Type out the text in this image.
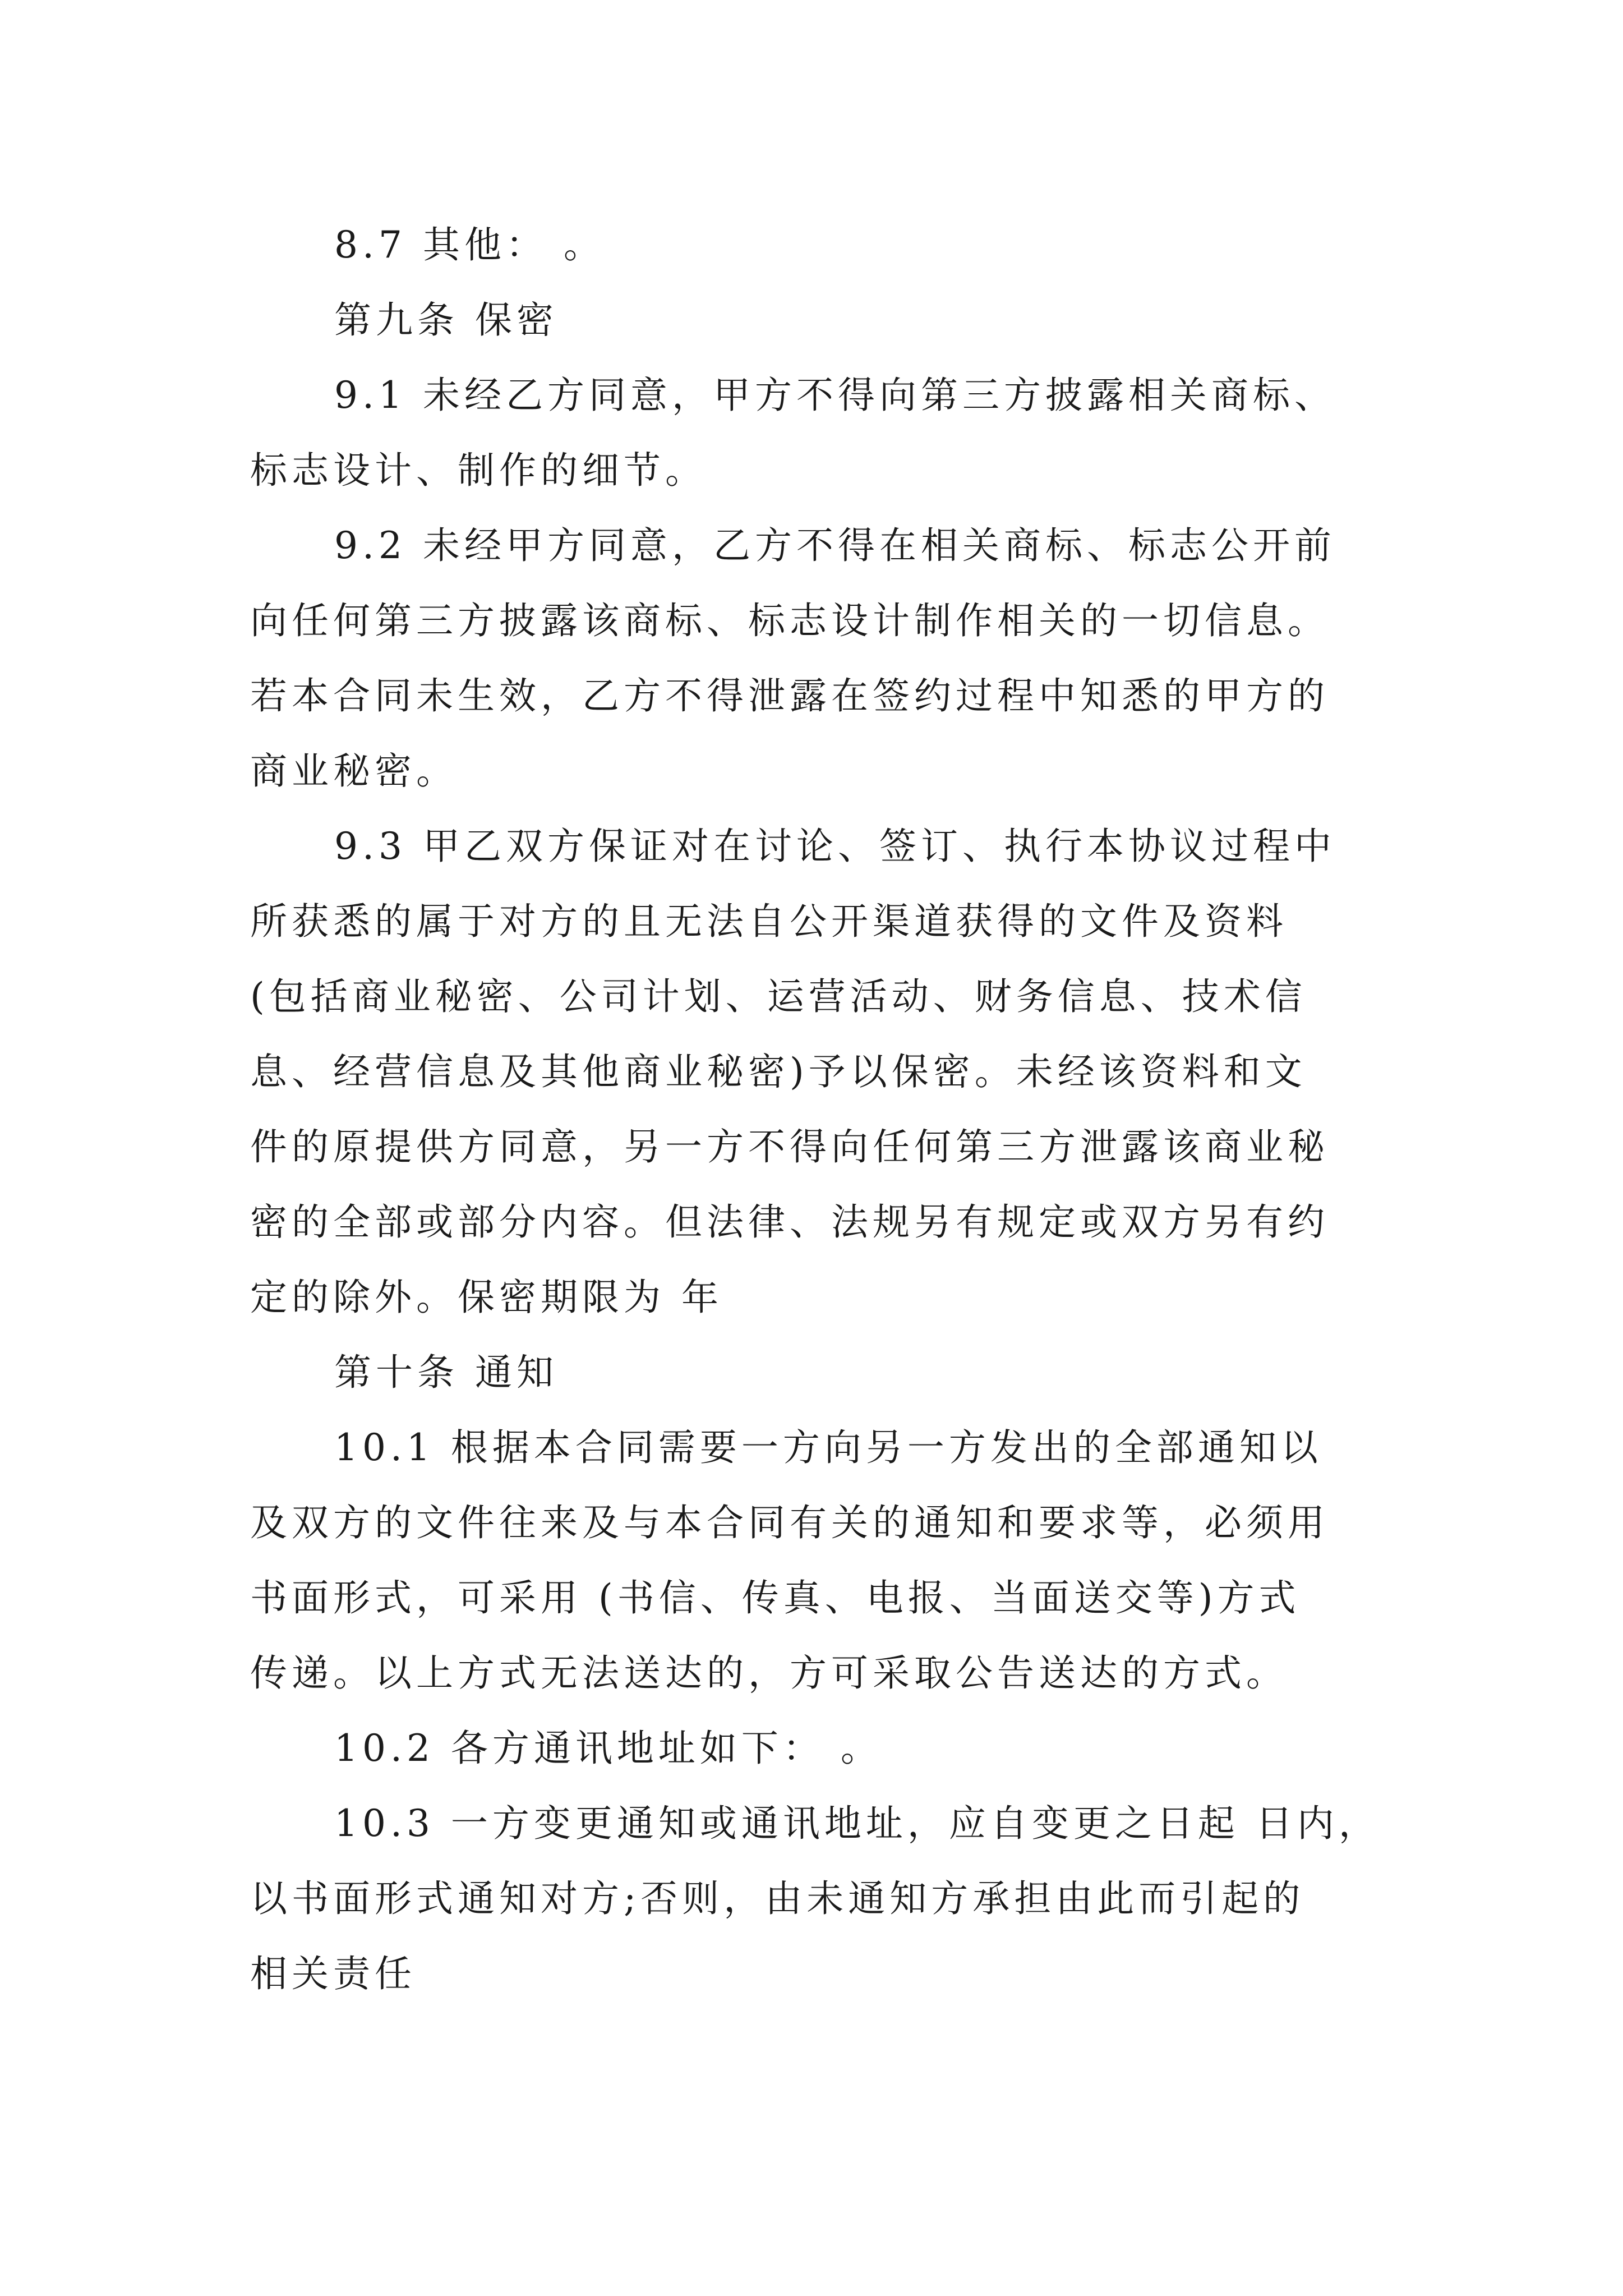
8.7 其他： 。
第九条 保密
9.1 未经乙方同意，甲方不得向第三方披露相关商标、
标志设计、制作的细节。
9.2 未经甲方同意，乙方不得在相关商标、标志公开前
向任何第三方披露该商标、标志设计制作相关的一切信息。
若本合同未生效，乙方不得泄露在签约过程中知悉的甲方的
商业秘密。
9.3 甲乙双方保证对在讨论、签订、执行本协议过程中
所获悉的属于对方的且无法自公开渠道获得的文件及资料
(包括商业秘密、公司计划、运营活动、财务信息、技术信
息、经营信息及其他商业秘密)予以保密。未经该资料和文
件的原提供方同意，另一方不得向任何第三方泄露该商业秘
密的全部或部分内容。但法律、法规另有规定或双方另有约
定的除外。保密期限为 年
第十条 通知
10.1 根据本合同需要一方向另一方发出的全部通知以
及双方的文件往来及与本合同有关的通知和要求等，必须用
书面形式，可采用 (书信、传真、电报、当面送交等)方式
传递。以上方式无法送达的，方可采取公告送达的方式。
10.2 各方通讯地址如下： 。
10.3 一方变更通知或通讯地址，应自变更之日起 日内，
以书面形式通知对方;否则，由未通知方承担由此而引起的
相关责任
